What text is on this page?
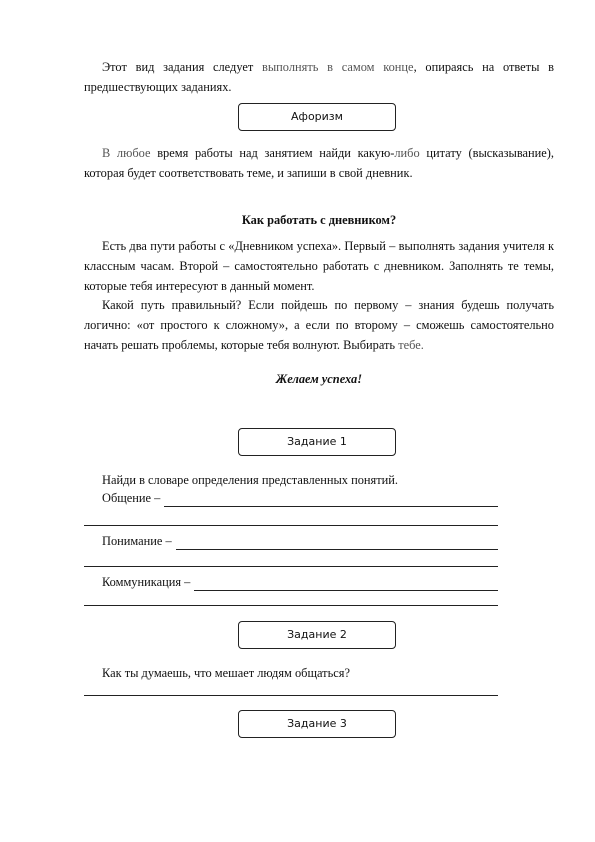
Этот вид задания следует выполнять в самом конце, опираясь на ответы в предшествующих заданиях.
Афоризм
В любое время работы над занятием найди какую-либо цитату (высказывание), которая будет соответствовать теме, и запиши в свой дневник.
Как работать с дневником?
Есть два пути работы с «Дневником успеха». Первый – выполнять задания учителя к классным часам. Второй – самостоятельно работать с дневником. Заполнять те темы, которые тебя интересуют в данный момент.
Какой путь правильный? Если пойдешь по первому – знания будешь получать логично: «от простого к сложному», а если по второму – сможешь самостоятельно начать решать проблемы, которые тебя волнуют. Выбирать тебе.
Желаем успеха!
Задание 1
Найди в словаре определения представленных понятий.
Общение –
Понимание –
Коммуникация –
Задание 2
Как ты думаешь, что мешает людям общаться?
Задание 3
